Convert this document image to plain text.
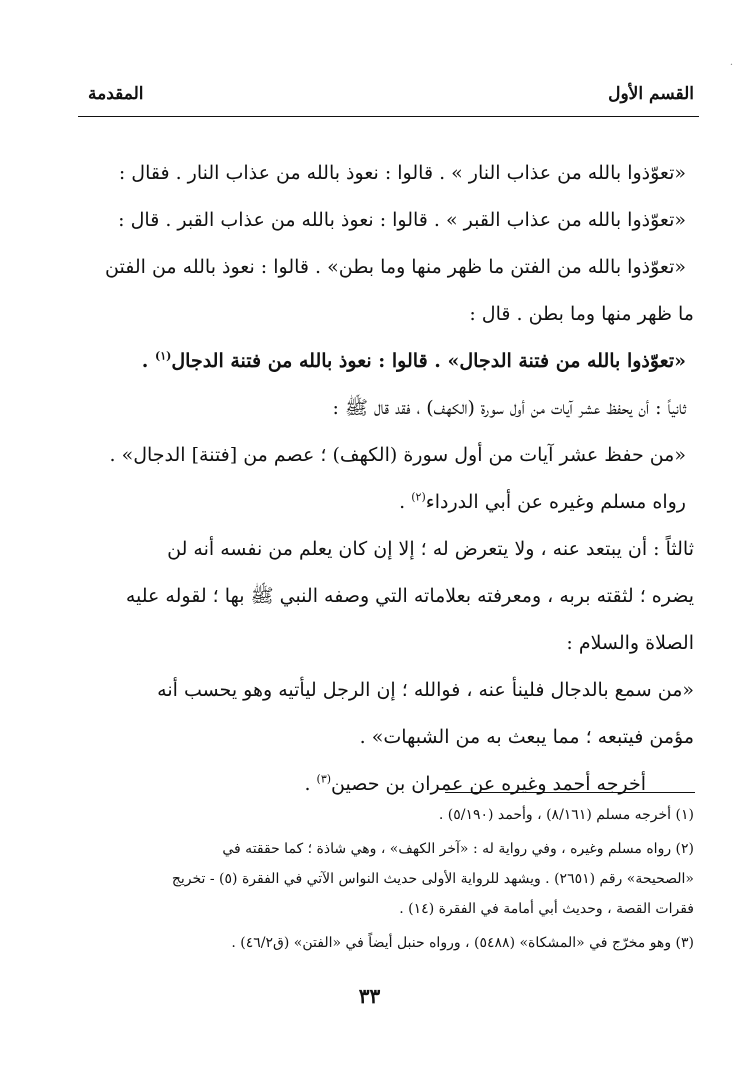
·
القسم الأول
المقدمة
«تعوّذوا بالله من عذاب النار » . قالوا : نعوذ بالله من عذاب النار . فقال :
«تعوّذوا بالله من عذاب القبر » . قالوا : نعوذ بالله من عذاب القبر . قال :
«تعوّذوا بالله من الفتن ما ظهر منها وما بطن» . قالوا : نعوذ بالله من الفتن
ما ظهر منها وما بطن . قال :
«تعوّذوا بالله من فتنة الدجال» . قالوا : نعوذ بالله من فتنة الدجال$^{(١)}$ .
ثانياً : أن يحفظ عشر آيات من أول سورة (الكهف) ، فقد قال ﷺ :
«من حفظ عشر آيات من أول سورة (الكهف) ؛ عصم من [فتنة] الدجال» .
رواه مسلم وغيره عن أبي الدرداء$^{(٢)}$ .
ثالثاً : أن يبتعد عنه ، ولا يتعرض له ؛ إلا إن كان يعلم من نفسه أنه لن
يضره ؛ لثقته بربه ، ومعرفته بعلاماته التي وصفه النبي ﷺ بها ؛ لقوله عليه
الصلاة والسلام :
«من سمع بالدجال فلينأ عنه ، فوالله ؛ إن الرجل ليأتيه وهو يحسب أنه
مؤمن فيتبعه ؛ مما يبعث به من الشبهات» .
أخرجه أحمد وغيره عن عمران بن حصين$^{(٣)}$ .
(١) أخرجه مسلم (٨/١٦١) ، وأحمد (٥/١٩٠) .
(٢) رواه مسلم وغيره ، وفي رواية له : «آخر الكهف» ، وهي شاذة ؛ كما حققته في
«الصحيحة» رقم (٢٦٥١) . ويشهد للرواية الأولى حديث النواس الآتي في الفقرة (٥) - تخريج
فقرات القصة ، وحديث أبي أمامة في الفقرة (١٤) .
(٣) وهو مخرّج في «المشكاة» (٥٤٨٨) ، ورواه حنبل أيضاً في «الفتن» (ق٤٦/٢) .
٣٣
